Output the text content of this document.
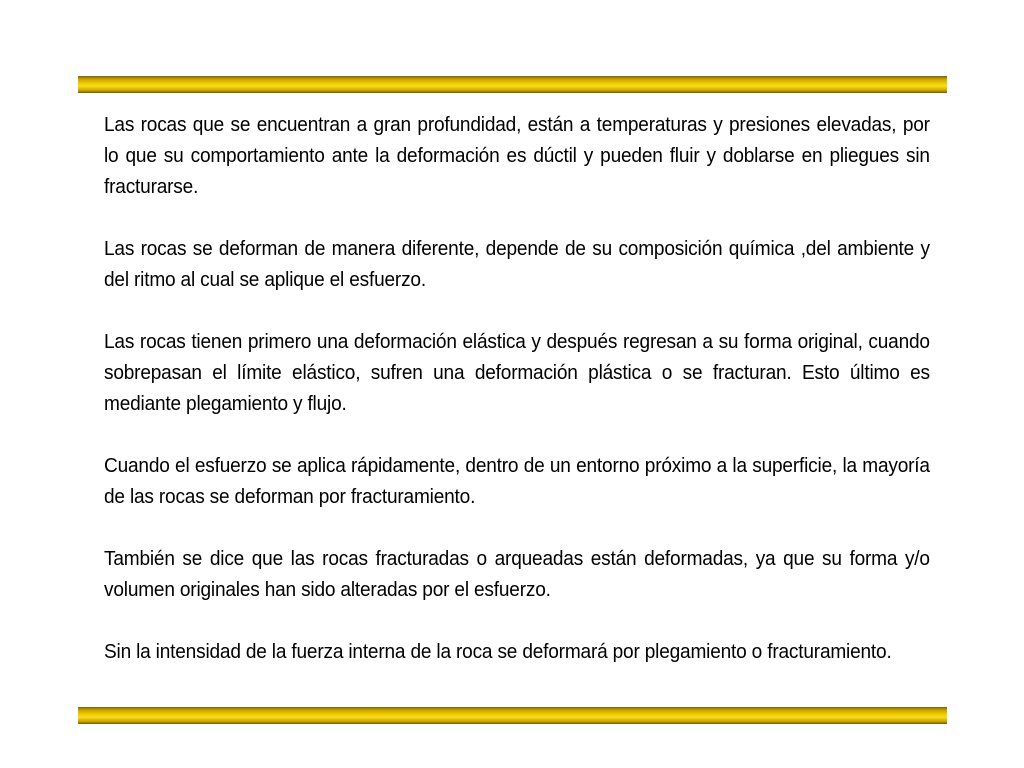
Las rocas que se encuentran a gran profundidad, están a temperaturas y presiones elevadas, por lo que su comportamiento ante la deformación es dúctil y pueden fluir y doblarse en pliegues sin fracturarse.

Las rocas se deforman de manera diferente, depende de su composición química ,del ambiente y del ritmo al cual se aplique el esfuerzo.

Las rocas tienen primero una deformación elástica y después regresan a su forma original, cuando sobrepasan el límite elástico, sufren una deformación plástica o se fracturan. Esto último es mediante plegamiento y flujo.

Cuando el esfuerzo se aplica rápidamente, dentro de un entorno próximo a la superficie, la mayoría de las rocas se deforman por fracturamiento.

También se dice que las rocas fracturadas o arqueadas están deformadas, ya que su forma y/o volumen originales han sido alteradas por el esfuerzo.

Sin la intensidad de la fuerza interna de la roca se deformará por plegamiento o fracturamiento.
